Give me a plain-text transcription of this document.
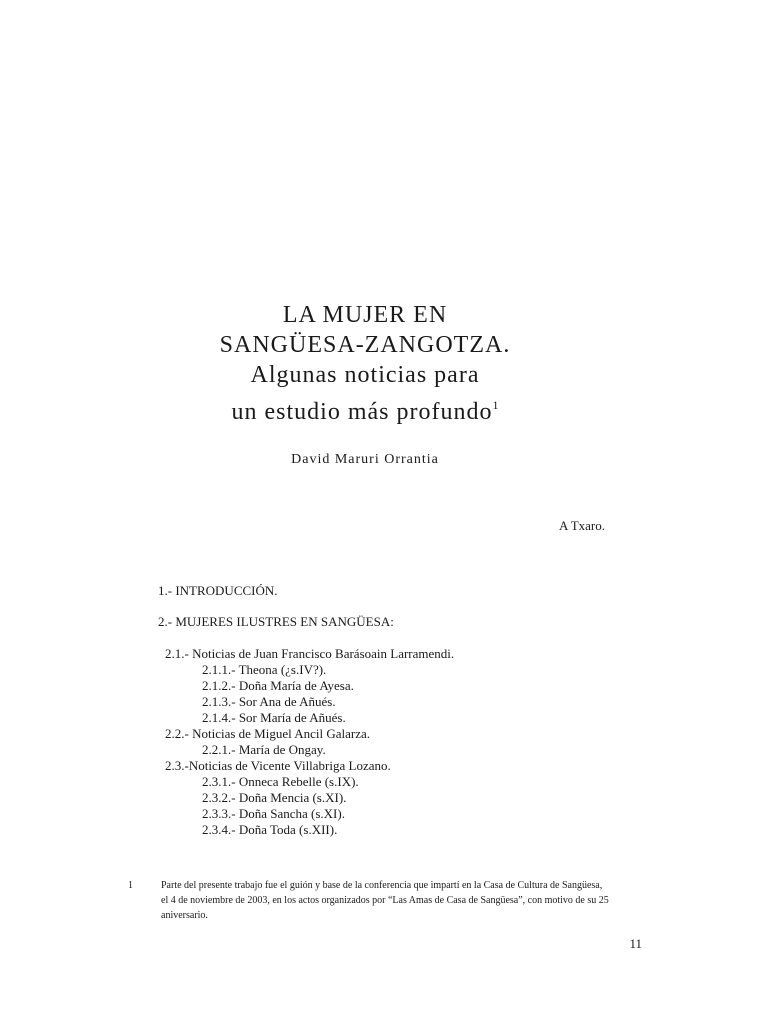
LA MUJER EN
SANGÜESA-ZANGOTZA.
Algunas noticias para
un estudio más profundo$^1$
David Maruri Orrantia
A Txaro.
1.- INTRODUCCIÓN.
2.- MUJERES ILUSTRES EN SANGÜESA:
2.1.- Noticias de Juan Francisco Barásoain Larramendi.
2.1.1.- Theona (¿s.IV?).
2.1.2.- Doña María de Ayesa.
2.1.3.- Sor Ana de Añués.
2.1.4.- Sor María de Añués.
2.2.- Noticias de Miguel Ancil Galarza.
2.2.1.- María de Ongay.
2.3.-Noticias de Vicente Villabriga Lozano.
2.3.1.- Onneca Rebelle (s.IX).
2.3.2.- Doña Mencia (s.XI).
2.3.3.- Doña Sancha (s.XI).
2.3.4.- Doña Toda (s.XII).
1	Parte del presente trabajo fue el guión y base de la conferencia que impartí en la Casa de Cultura de Sangüesa, el 4 de noviembre de 2003, en los actos organizados por “Las Amas de Casa de Sangüesa”, con motivo de su 25 aniversario.
11
